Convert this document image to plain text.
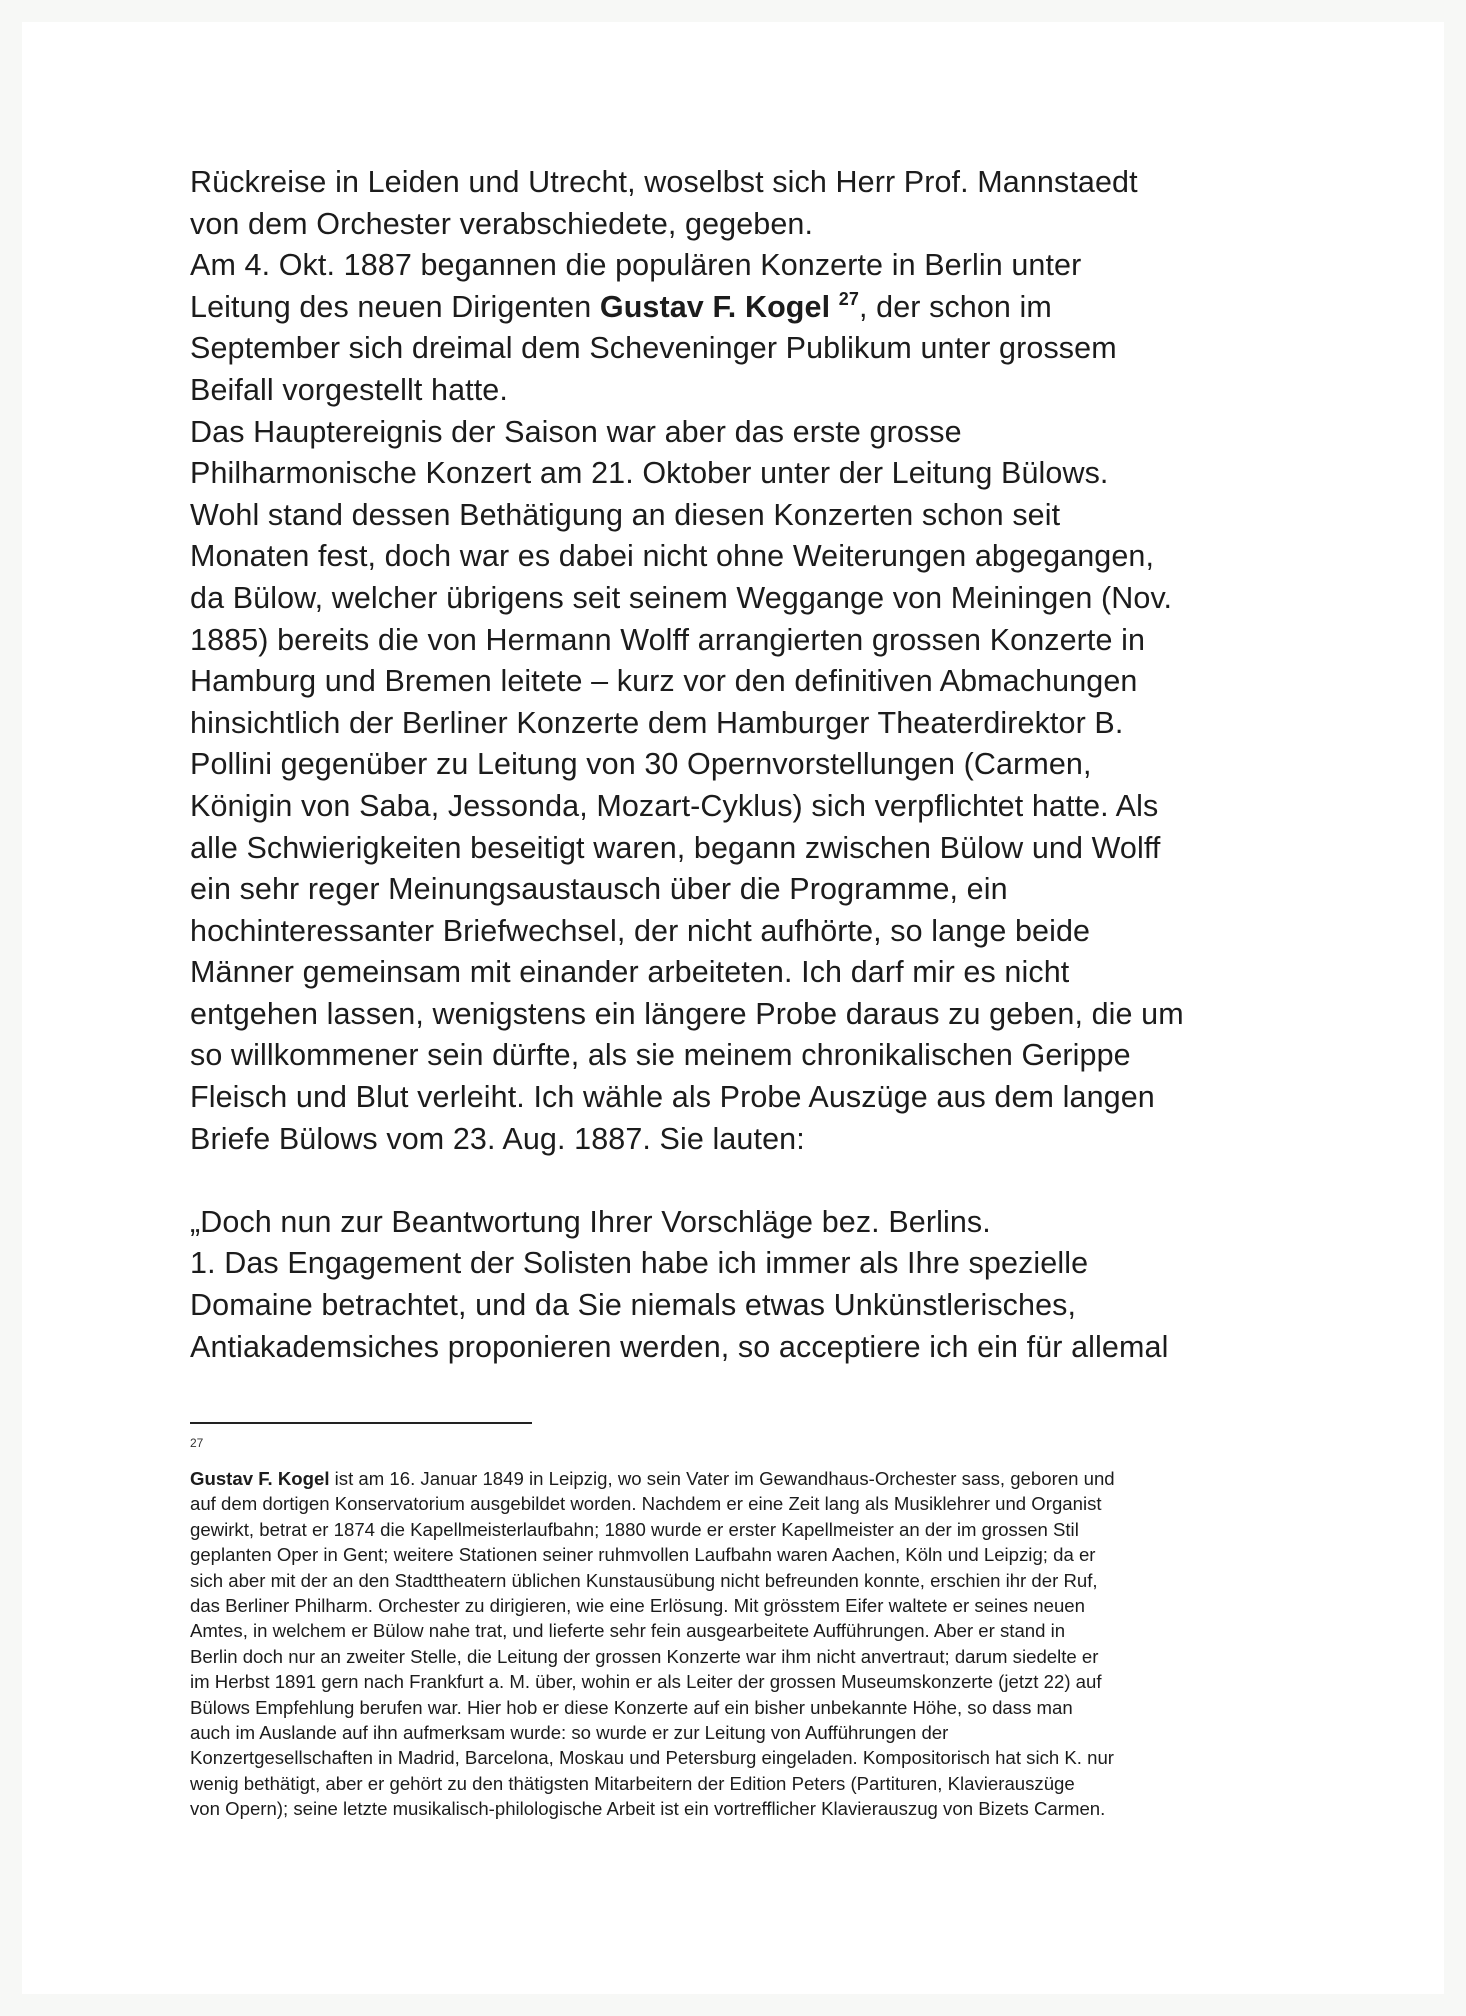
Rückreise in Leiden und Utrecht, woselbst sich Herr Prof. Mannstaedt
von dem Orchester verabschiedete, gegeben.
Am 4. Okt. 1887 begannen die populären Konzerte in Berlin unter
Leitung des neuen Dirigenten Gustav F. Kogel $^{27}$, der schon im
September sich dreimal dem Scheveninger Publikum unter grossem
Beifall vorgestellt hatte.
Das Hauptereignis der Saison war aber das erste grosse
Philharmonische Konzert am 21. Oktober unter der Leitung Bülows.
Wohl stand dessen Bethätigung an diesen Konzerten schon seit
Monaten fest, doch war es dabei nicht ohne Weiterungen abgegangen,
da Bülow, welcher übrigens seit seinem Weggange von Meiningen (Nov.
1885) bereits die von Hermann Wolff arrangierten grossen Konzerte in
Hamburg und Bremen leitete – kurz vor den definitiven Abmachungen
hinsichtlich der Berliner Konzerte dem Hamburger Theaterdirektor B.
Pollini gegenüber zu Leitung von 30 Opernvorstellungen (Carmen,
Königin von Saba, Jessonda, Mozart-Cyklus) sich verpflichtet hatte. Als
alle Schwierigkeiten beseitigt waren, begann zwischen Bülow und Wolff
ein sehr reger Meinungsaustausch über die Programme, ein
hochinteressanter Briefwechsel, der nicht aufhörte, so lange beide
Männer gemeinsam mit einander arbeiteten. Ich darf mir es nicht
entgehen lassen, wenigstens ein längere Probe daraus zu geben, die um
so willkommener sein dürfte, als sie meinem chronikalischen Gerippe
Fleisch und Blut verleiht. Ich wähle als Probe Auszüge aus dem langen
Briefe Bülows vom 23. Aug. 1887. Sie lauten:
„Doch nun zur Beantwortung Ihrer Vorschläge bez. Berlins.
1. Das Engagement der Solisten habe ich immer als Ihre spezielle
Domaine betrachtet, und da Sie niemals etwas Unkünstlerisches,
Antiakademsiches proponieren werden, so acceptiere ich ein für allemal
27
Gustav F. Kogel ist am 16. Januar 1849 in Leipzig, wo sein Vater im Gewandhaus-Orchester sass, geboren und
auf dem dortigen Konservatorium ausgebildet worden. Nachdem er eine Zeit lang als Musiklehrer und Organist
gewirkt, betrat er 1874 die Kapellmeisterlaufbahn; 1880 wurde er erster Kapellmeister an der im grossen Stil
geplanten Oper in Gent; weitere Stationen seiner ruhmvollen Laufbahn waren Aachen, Köln und Leipzig; da er
sich aber mit der an den Stadttheatern üblichen Kunstausübung nicht befreunden konnte, erschien ihr der Ruf,
das Berliner Philharm. Orchester zu dirigieren, wie eine Erlösung. Mit grösstem Eifer waltete er seines neuen
Amtes, in welchem er Bülow nahe trat, und lieferte sehr fein ausgearbeitete Aufführungen. Aber er stand in
Berlin doch nur an zweiter Stelle, die Leitung der grossen Konzerte war ihm nicht anvertraut; darum siedelte er
im Herbst 1891 gern nach Frankfurt a. M. über, wohin er als Leiter der grossen Museumskonzerte (jetzt 22) auf
Bülows Empfehlung berufen war. Hier hob er diese Konzerte auf ein bisher unbekannte Höhe, so dass man
auch im Auslande auf ihn aufmerksam wurde: so wurde er zur Leitung von Aufführungen der
Konzertgesellschaften in Madrid, Barcelona, Moskau und Petersburg eingeladen. Kompositorisch hat sich K. nur
wenig bethätigt, aber er gehört zu den thätigsten Mitarbeitern der Edition Peters (Partituren, Klavierauszüge
von Opern); seine letzte musikalisch-philologische Arbeit ist ein vortrefflicher Klavierauszug von Bizets Carmen.
